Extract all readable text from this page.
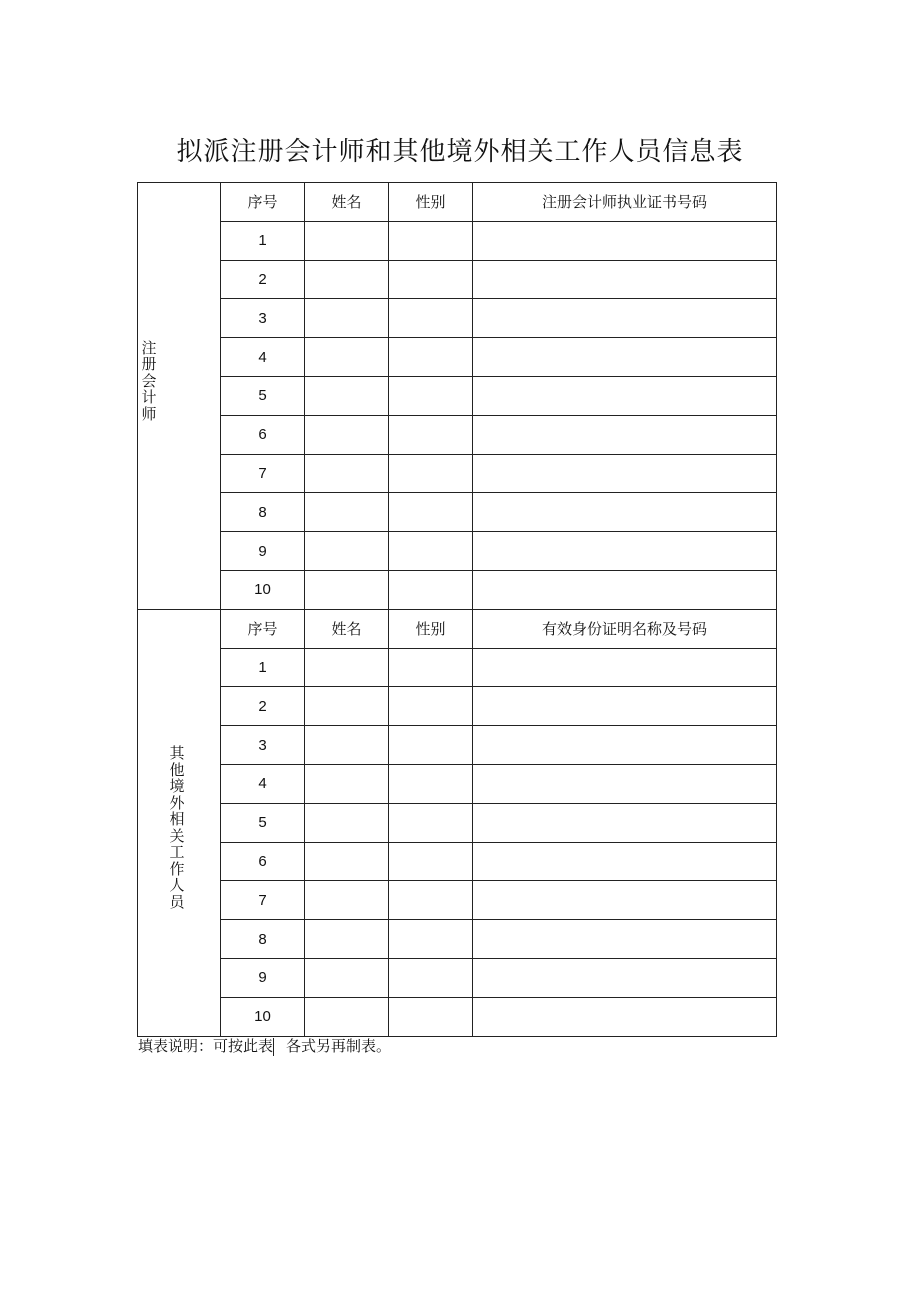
拟派注册会计师和其他境外相关工作人员信息表
注册会计师	序号	姓名	性别	注册会计师执业证书号码
	1			
	2			
	3			
	4			
	5			
	6			
	7			
	8			
	9			
	10			
其他境外相关工作人员	序号	姓名	性别	有效身份证明名称及号码
	1			
	2			
	3			
	4			
	5			
	6			
	7			
	8			
	9			
	10			
填表说明：可按此表 各式另再制表。
